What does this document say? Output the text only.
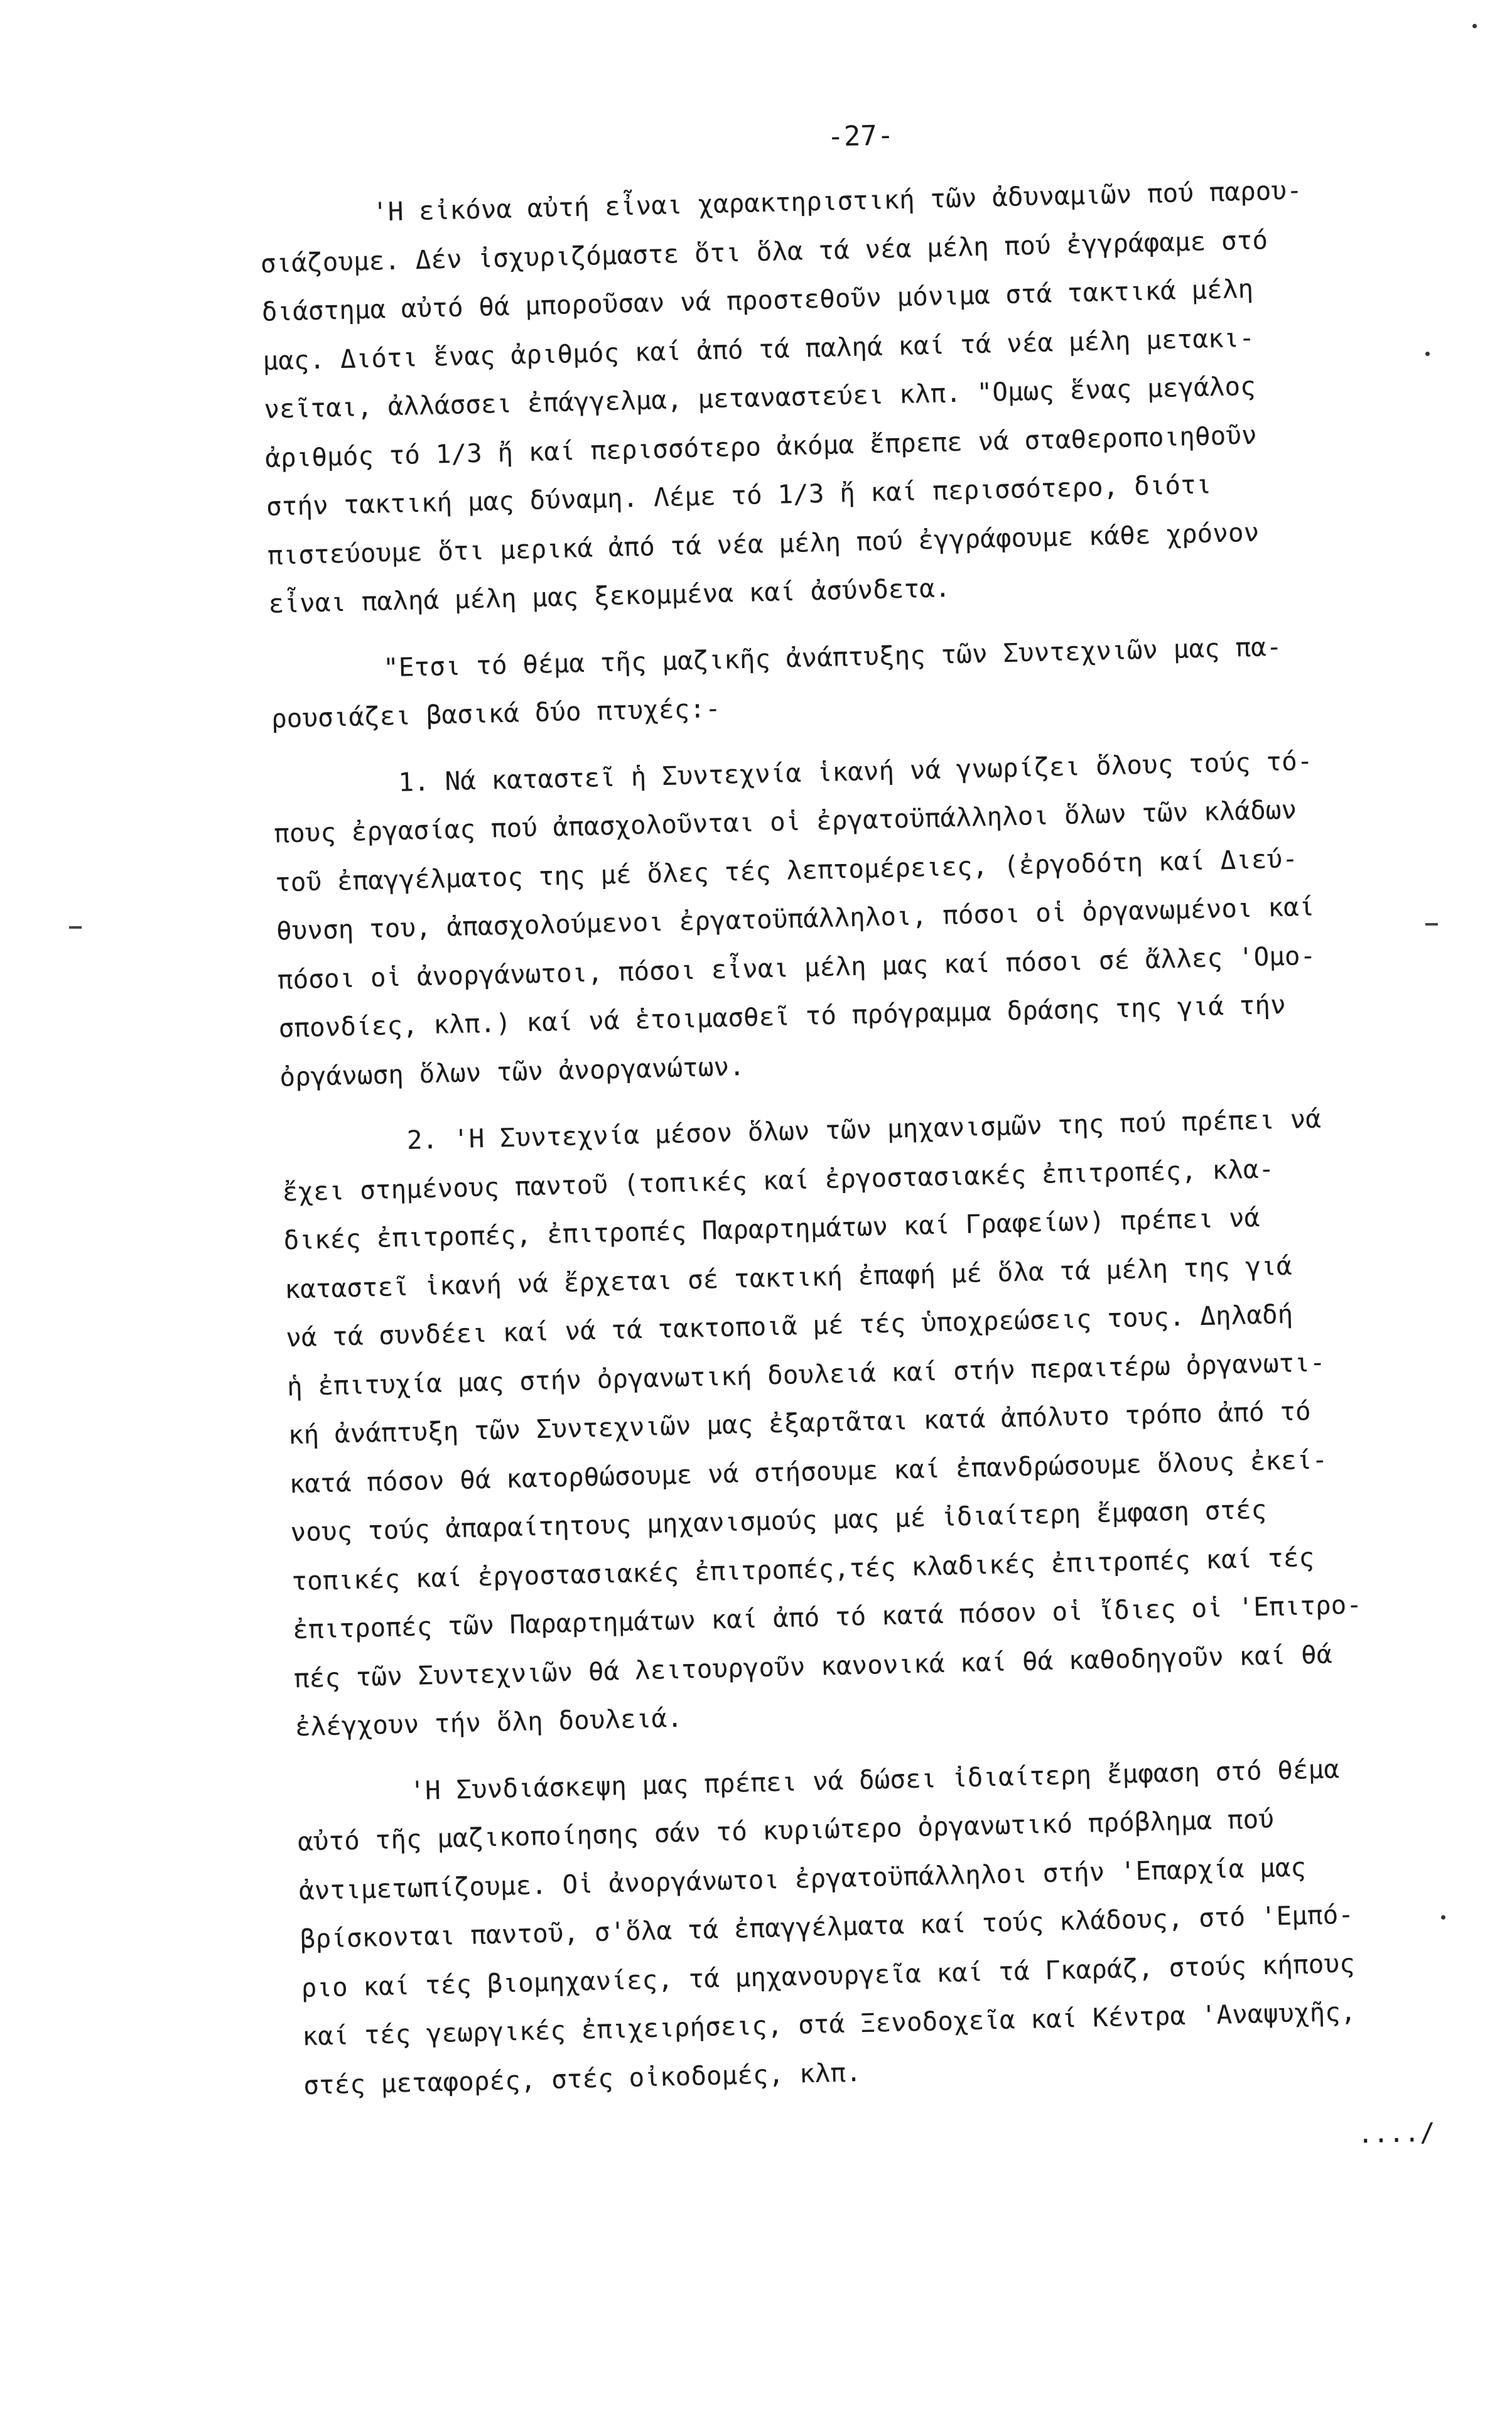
-27-
'Η εἰκόνα αὐτή εἶναι χαρακτηριστική τῶν ἀδυναμιῶν πού παρου-
σιάζουμε. Δέν ἰσχυριζόμαστε ὅτι ὅλα τά νέα μέλη πού ἐγγράφαμε στό
διάστημα αὐτό θά μποροῦσαν νά προστεθοῦν μόνιμα στά τακτικά μέλη
μας. Διότι ἕνας ἀριθμός καί ἀπό τά παληά καί τά νέα μέλη μετακι-
νεῖται, ἀλλάσσει ἐπάγγελμα, μεταναστεύει κλπ. "Ομως ἕνας μεγάλος
ἀριθμός τό 1/3 ἤ καί περισσότερο ἀκόμα ἔπρεπε νά σταθεροποιηθοῦν
στήν τακτική μας δύναμη. Λέμε τό 1/3 ἤ καί περισσότερο, διότι
πιστεύουμε ὅτι μερικά ἀπό τά νέα μέλη πού ἐγγράφουμε κάθε χρόνον
εἶναι παληά μέλη μας ξεκομμένα καί ἀσύνδετα.
"Ετσι τό θέμα τῆς μαζικῆς ἀνάπτυξης τῶν Συντεχνιῶν μας πα-
ρουσιάζει βασικά δύο πτυχές:-
1. Νά καταστεῖ ἡ Συντεχνία ἱκανή νά γνωρίζει ὅλους τούς τό-
πους ἐργασίας πού ἀπασχολοῦνται οἱ ἐργατοϋπάλληλοι ὅλων τῶν κλάδων
τοῦ ἐπαγγέλματος της μέ ὅλες τές λεπτομέρειες, (ἐργοδότη καί Διεύ-
θυνση του, ἀπασχολούμενοι ἐργατοϋπάλληλοι, πόσοι οἱ ὀργανωμένοι καί
πόσοι οἱ ἀνοργάνωτοι, πόσοι εἶναι μέλη μας καί πόσοι σέ ἄλλες 'Ομο-
σπονδίες, κλπ.) καί νά ἑτοιμασθεῖ τό πρόγραμμα δράσης της γιά τήν
ὀργάνωση ὅλων τῶν ἀνοργανώτων.
2. 'Η Συντεχνία μέσον ὅλων τῶν μηχανισμῶν της πού πρέπει νά
ἔχει στημένους παντοῦ (τοπικές καί ἐργοστασιακές ἐπιτροπές, κλα-
δικές ἐπιτροπές, ἐπιτροπές Παραρτημάτων καί Γραφείων) πρέπει νά
καταστεῖ ἱκανή νά ἔρχεται σέ τακτική ἐπαφή μέ ὅλα τά μέλη της γιά
νά τά συνδέει καί νά τά τακτοποιᾶ μέ τές ὑποχρεώσεις τους. Δηλαδή
ἡ ἐπιτυχία μας στήν ὀργανωτική δουλειά καί στήν περαιτέρω ὀργανωτι-
κή ἀνάπτυξη τῶν Συντεχνιῶν μας ἐξαρτᾶται κατά ἀπόλυτο τρόπο ἀπό τό
κατά πόσον θά κατορθώσουμε νά στήσουμε καί ἐπανδρώσουμε ὅλους ἐκεί-
νους τούς ἀπαραίτητους μηχανισμούς μας μέ ἰδιαίτερη ἔμφαση στές
τοπικές καί ἐργοστασιακές ἐπιτροπές,τές κλαδικές ἐπιτροπές καί τές
ἐπιτροπές τῶν Παραρτημάτων καί ἀπό τό κατά πόσον οἱ ἴδιες οἱ 'Επιτρο-
πές τῶν Συντεχνιῶν θά λειτουργοῦν κανονικά καί θά καθοδηγοῦν καί θά
ἐλέγχουν τήν ὅλη δουλειά.
'Η Συνδιάσκεψη μας πρέπει νά δώσει ἰδιαίτερη ἔμφαση στό θέμα
αὐτό τῆς μαζικοποίησης σάν τό κυριώτερο ὀργανωτικό πρόβλημα πού
ἀντιμετωπίζουμε. Οἱ ἀνοργάνωτοι ἐργατοϋπάλληλοι στήν 'Επαρχία μας
βρίσκονται παντοῦ, σ'ὅλα τά ἐπαγγέλματα καί τούς κλάδους, στό 'Εμπό-
ριο καί τές βιομηχανίες, τά μηχανουργεῖα καί τά Γκαράζ, στούς κήπους
καί τές γεωργικές ἐπιχειρήσεις, στά Ξενοδοχεῖα καί Κέντρα 'Αναψυχῆς,
στές μεταφορές, στές οἰκοδομές, κλπ.
..../
